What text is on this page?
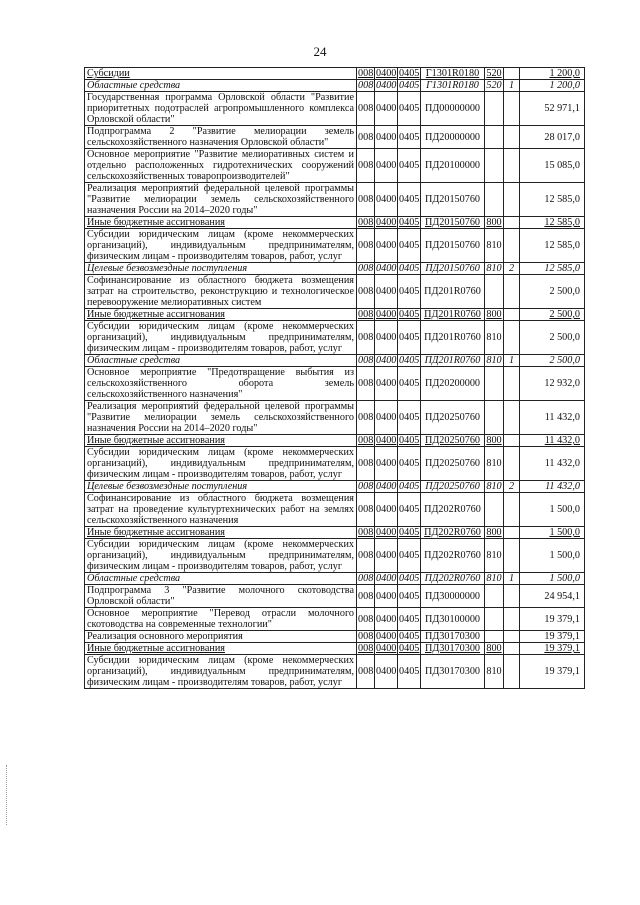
24
Субсидии	008	0400	0405	Г1301R0180	520		1 200,0
Областные средства	008	0400	0405	Г1301R0180	520	1	1 200,0
Государственная программа Орловской области "Развитие приоритетных подотраслей агропромышленного комплекса Орловской области"	008	0400	0405	ПД00000000			52 971,1
Подпрограмма 2 "Развитие мелиорации земель сельскохозяйственного назначения Орловской области"	008	0400	0405	ПД20000000			28 017,0
Основное мероприятие "Развитие мелиоративных систем и отдельно расположенных гидротехнических сооружений сельскохозяйственных товаропроизводителей"	008	0400	0405	ПД20100000			15 085,0
Реализация мероприятий федеральной целевой программы "Развитие мелиорации земель сельскохозяйственного назначения России на 2014–2020 годы"	008	0400	0405	ПД20150760			12 585,0
Иные бюджетные ассигнования	008	0400	0405	ПД20150760	800		12 585,0
Субсидии юридическим лицам (кроме некоммерческих организаций), индивидуальным предпринимателям, физическим лицам - производителям товаров, работ, услуг	008	0400	0405	ПД20150760	810		12 585,0
Целевые безвозмездные поступления	008	0400	0405	ПД20150760	810	2	12 585,0
Софинансирование из областного бюджета возмещения затрат на строительство, реконструкцию и технологическое перевооружение мелиоративных систем	008	0400	0405	ПД201R0760			2 500,0
Иные бюджетные ассигнования	008	0400	0405	ПД201R0760	800		2 500,0
Субсидии юридическим лицам (кроме некоммерческих организаций), индивидуальным предпринимателям, физическим лицам - производителям товаров, работ, услуг	008	0400	0405	ПД201R0760	810		2 500,0
Областные средства	008	0400	0405	ПД201R0760	810	1	2 500,0
Основное мероприятие "Предотвращение выбытия из сельскохозяйственного оборота земель сельскохозяйственного назначения"	008	0400	0405	ПД20200000			12 932,0
Реализация мероприятий федеральной целевой программы "Развитие мелиорации земель сельскохозяйственного назначения России на 2014–2020 годы"	008	0400	0405	ПД20250760			11 432,0
Иные бюджетные ассигнования	008	0400	0405	ПД20250760	800		11 432,0
Субсидии юридическим лицам (кроме некоммерческих организаций), индивидуальным предпринимателям, физическим лицам - производителям товаров, работ, услуг	008	0400	0405	ПД20250760	810		11 432,0
Целевые безвозмездные поступления	008	0400	0405	ПД20250760	810	2	11 432,0
Софинансирование из областного бюджета возмещения затрат на проведение культуртехнических работ на землях сельскохозяйственного назначения	008	0400	0405	ПД202R0760			1 500,0
Иные бюджетные ассигнования	008	0400	0405	ПД202R0760	800		1 500,0
Субсидии юридическим лицам (кроме некоммерческих организаций), индивидуальным предпринимателям, физическим лицам - производителям товаров, работ, услуг	008	0400	0405	ПД202R0760	810		1 500,0
Областные средства	008	0400	0405	ПД202R0760	810	1	1 500,0
Подпрограмма 3 "Развитие молочного скотоводства Орловской области"	008	0400	0405	ПД30000000			24 954,1
Основное мероприятие "Перевод отрасли молочного скотоводства на современные технологии"	008	0400	0405	ПД30100000			19 379,1
Реализация основного мероприятия	008	0400	0405	ПД30170300			19 379,1
Иные бюджетные ассигнования	008	0400	0405	ПД30170300	800		19 379,1
Субсидии юридическим лицам (кроме некоммерческих организаций), индивидуальным предпринимателям, физическим лицам - производителям товаров, работ, услуг	008	0400	0405	ПД30170300	810		19 379,1
